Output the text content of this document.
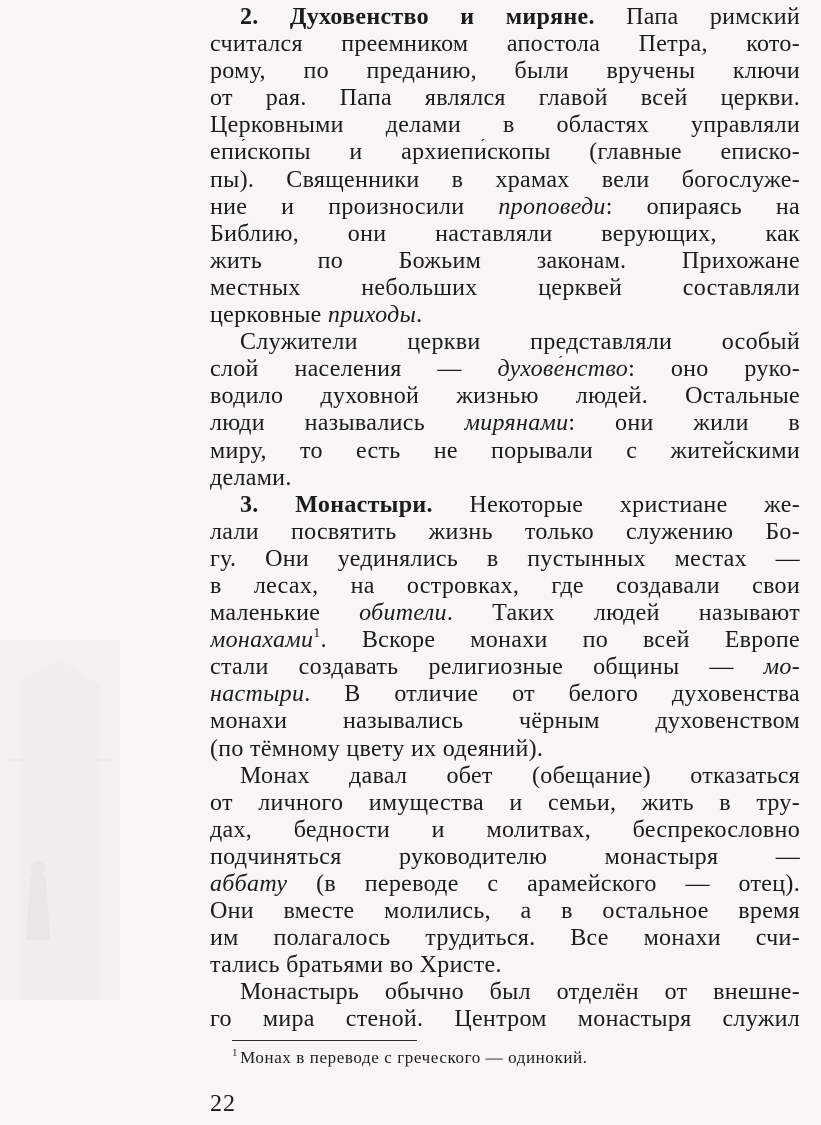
2. Духовенство и миряне. Папа римский
считался преемником апостола Петра, кото-
рому, по преданию, были вручены ключи
от рая. Папа являлся главой всей церкви.
Церковными делами в областях управляли
епи́скопы и архиепи́скопы (главные еписко-
пы). Священники в храмах вели богослуже-
ние и произносили проповеди: опираясь на
Библию, они наставляли верующих, как
жить по Божьим законам. Прихожане
местных небольших церквей составляли
церковные приходы.
Служители церкви представляли особый
слой населения — духове́нство: оно руко-
водило духовной жизнью людей. Остальные
люди назывались мирянами: они жили в
миру, то есть не порывали с житейскими
делами.
3. Монастыри. Некоторые христиане же-
лали посвятить жизнь только служению Бо-
гу. Они уединялись в пустынных местах —
в лесах, на островках, где создавали свои
маленькие обители. Таких людей называют
монахами$^1$. Вскоре монахи по всей Европе
стали создавать религиозные общины — мо-
настыри. В отличие от белого духовенства
монахи назывались чёрным духовенством
(по тёмному цвету их одеяний).
Монах давал обет (обещание) отказаться
от личного имущества и семьи, жить в тру-
дах, бедности и молитвах, беспрекословно
подчиняться руководителю монастыря —
аббату (в переводе с арамейского — отец).
Они вместе молились, а в остальное время
им полагалось трудиться. Все монахи счи-
тались братьями во Христе.
Монастырь обычно был отделён от внешне-
го мира стеной. Центром монастыря служил
$^1$ Монах в переводе с греческого — одинокий.
22
